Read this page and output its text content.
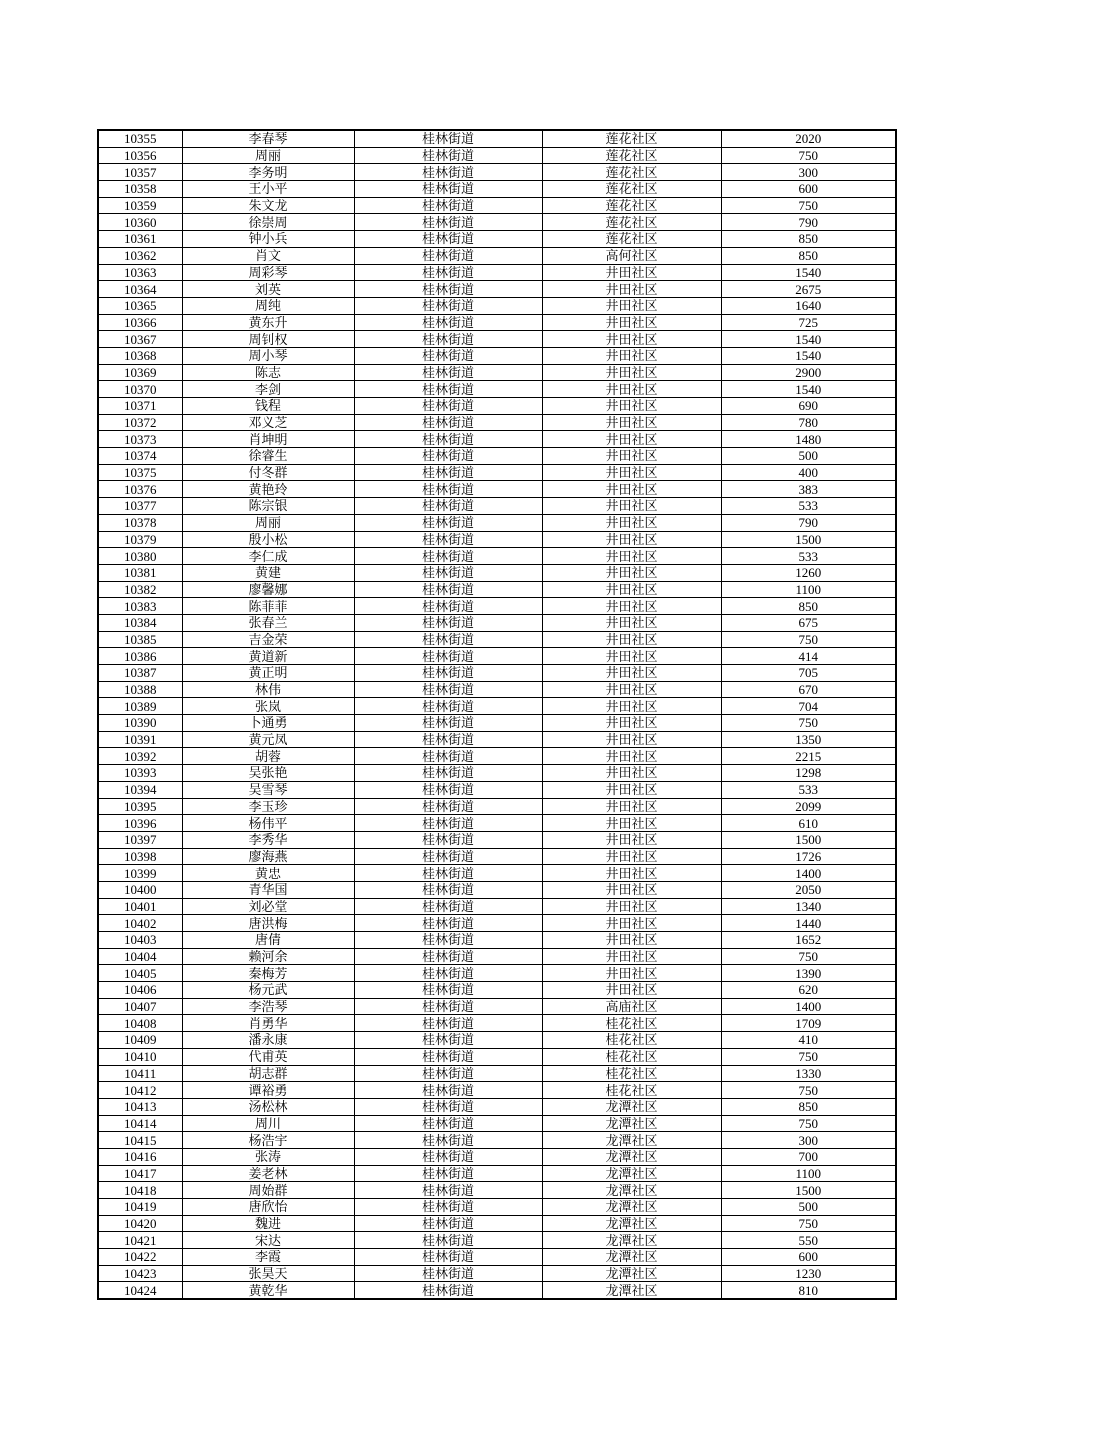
10355	李春琴	桂林街道	莲花社区	2020
10356	周丽	桂林街道	莲花社区	750
10357	李务明	桂林街道	莲花社区	300
10358	王小平	桂林街道	莲花社区	600
10359	朱文龙	桂林街道	莲花社区	750
10360	徐崇周	桂林街道	莲花社区	790
10361	钟小兵	桂林街道	莲花社区	850
10362	肖文	桂林街道	高何社区	850
10363	周彩琴	桂林街道	井田社区	1540
10364	刘英	桂林街道	井田社区	2675
10365	周纯	桂林街道	井田社区	1640
10366	黄东升	桂林街道	井田社区	725
10367	周钊权	桂林街道	井田社区	1540
10368	周小琴	桂林街道	井田社区	1540
10369	陈志	桂林街道	井田社区	2900
10370	李剑	桂林街道	井田社区	1540
10371	钱程	桂林街道	井田社区	690
10372	邓义芝	桂林街道	井田社区	780
10373	肖坤明	桂林街道	井田社区	1480
10374	徐睿生	桂林街道	井田社区	500
10375	付冬群	桂林街道	井田社区	400
10376	黄艳玲	桂林街道	井田社区	383
10377	陈宗银	桂林街道	井田社区	533
10378	周丽	桂林街道	井田社区	790
10379	殷小松	桂林街道	井田社区	1500
10380	李仁成	桂林街道	井田社区	533
10381	黄建	桂林街道	井田社区	1260
10382	廖馨娜	桂林街道	井田社区	1100
10383	陈菲菲	桂林街道	井田社区	850
10384	张春兰	桂林街道	井田社区	675
10385	吉金荣	桂林街道	井田社区	750
10386	黄道新	桂林街道	井田社区	414
10387	黄正明	桂林街道	井田社区	705
10388	林伟	桂林街道	井田社区	670
10389	张岚	桂林街道	井田社区	704
10390	卜通勇	桂林街道	井田社区	750
10391	黄元凤	桂林街道	井田社区	1350
10392	胡蓉	桂林街道	井田社区	2215
10393	吴张艳	桂林街道	井田社区	1298
10394	吴雪琴	桂林街道	井田社区	533
10395	李玉珍	桂林街道	井田社区	2099
10396	杨伟平	桂林街道	井田社区	610
10397	李秀华	桂林街道	井田社区	1500
10398	廖海燕	桂林街道	井田社区	1726
10399	黄忠	桂林街道	井田社区	1400
10400	青华国	桂林街道	井田社区	2050
10401	刘必堂	桂林街道	井田社区	1340
10402	唐洪梅	桂林街道	井田社区	1440
10403	唐倩	桂林街道	井田社区	1652
10404	赖河余	桂林街道	井田社区	750
10405	秦梅芳	桂林街道	井田社区	1390
10406	杨元武	桂林街道	井田社区	620
10407	李浩琴	桂林街道	高庙社区	1400
10408	肖勇华	桂林街道	桂花社区	1709
10409	潘永康	桂林街道	桂花社区	410
10410	代甫英	桂林街道	桂花社区	750
10411	胡志群	桂林街道	桂花社区	1330
10412	谭裕勇	桂林街道	桂花社区	750
10413	汤松林	桂林街道	龙潭社区	850
10414	周川	桂林街道	龙潭社区	750
10415	杨浩宇	桂林街道	龙潭社区	300
10416	张涛	桂林街道	龙潭社区	700
10417	姜老林	桂林街道	龙潭社区	1100
10418	周始群	桂林街道	龙潭社区	1500
10419	唐欣怡	桂林街道	龙潭社区	500
10420	魏进	桂林街道	龙潭社区	750
10421	宋达	桂林街道	龙潭社区	550
10422	李霞	桂林街道	龙潭社区	600
10423	张昊天	桂林街道	龙潭社区	1230
10424	黄乾华	桂林街道	龙潭社区	810
